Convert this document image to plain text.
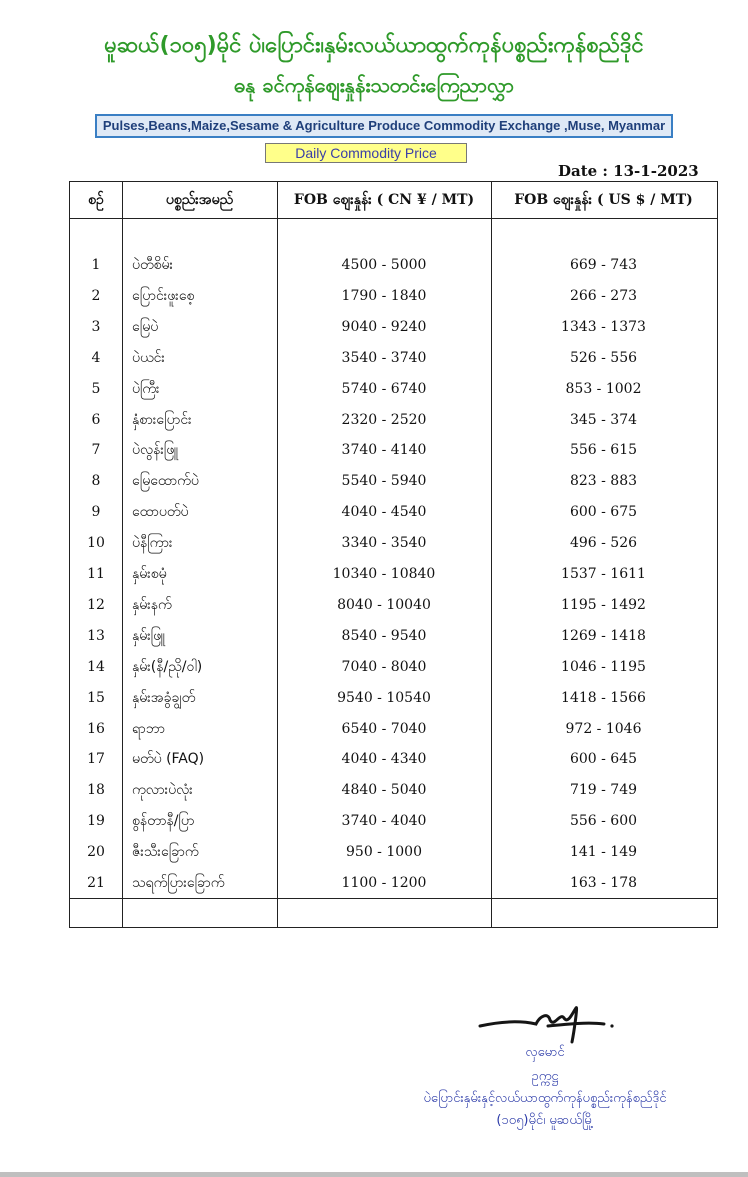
မူဆယ်(၁၀၅)မိုင် ပဲ၊ပြောင်း၊နှမ်းလယ်ယာထွက်ကုန်ပစ္စည်းကုန်စည်ဒိုင်
ဓနု ခင်ကုန်ဈေးနှုန်းသတင်းကြေညာလွှာ
Pulses,Beans,Maize,Sesame & Agriculture Produce Commodity Exchange ,Muse, Myanmar
Daily Commodity Price
Date : 13-1-2023
စဉ်	ပစ္စည်းအမည်	FOB ဈေးနှုန်း ( CN ¥ / MT)	FOB ဈေးနှုန်း ( US $ / MT)
1	ပဲတီစိမ်း	4500 - 5000	669 - 743
2	ပြောင်းဖူးစေ့	1790 - 1840	266 - 273
3	မြေပဲ	9040 - 9240	1343 - 1373
4	ပဲယင်း	3540 - 3740	526 - 556
5	ပဲကြီး	5740 - 6740	853 - 1002
6	နှံစားပြောင်း	2320 - 2520	345 - 374
7	ပဲလွန်းဖြူ	3740 - 4140	556 - 615
8	မြေထောက်ပဲ	5540 - 5940	823 - 883
9	ထောပတ်ပဲ	4040 - 4540	600 - 675
10	ပဲနီကြား	3340 - 3540	496 - 526
11	နှမ်းစမုံ	10340 - 10840	1537 - 1611
12	နှမ်းနက်	8040 - 10040	1195 - 1492
13	နှမ်းဖြူ	8540 - 9540	1269 - 1418
14	နှမ်း(နီ/ညို/ဝါ)	7040 - 8040	1046 - 1195
15	နှမ်းအခွံချွတ်	9540 - 10540	1418 - 1566
16	ရာဘာ	6540 - 7040	972 - 1046
17	မတ်ပဲ (FAQ)	4040 - 4340	600 - 645
18	ကုလားပဲလုံး	4840 - 5040	719 - 749
19	စွန်တာနီ/ပြာ	3740 - 4040	556 - 600
20	ဇီးသီးခြောက်	950 - 1000	141 - 149
21	သရက်ပြားခြောက်	1100 - 1200	163 - 178
လှမောင်
ဥက္ကဋ္ဌ
ပဲပြောင်းနှမ်းနှင့်လယ်ယာထွက်ကုန်ပစ္စည်းကုန်စည်ဒိုင်
(၁၀၅)မိုင်၊ မူဆယ်မြို့
